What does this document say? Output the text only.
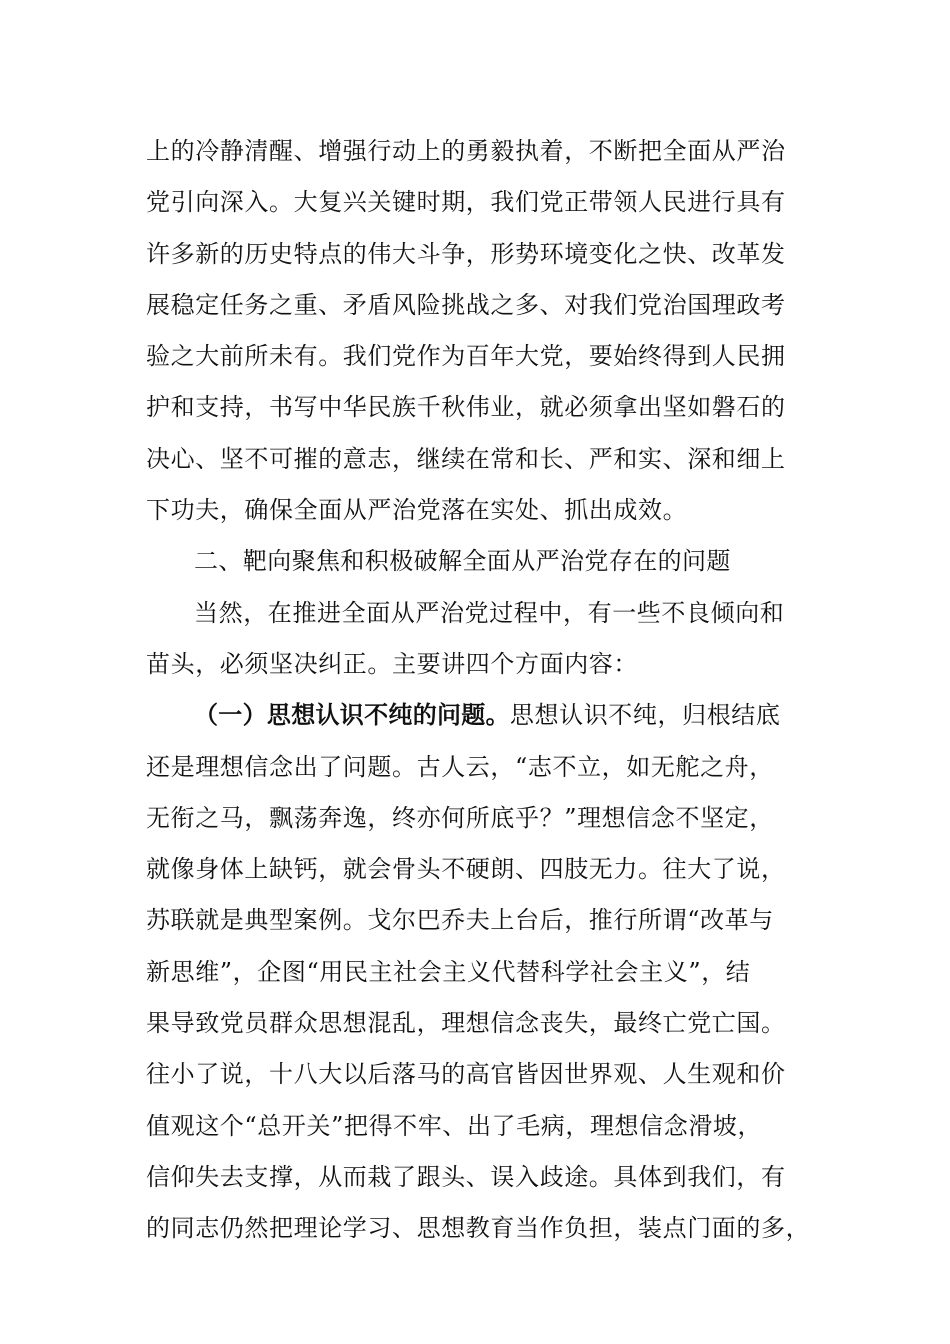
上的冷静清醒、增强行动上的勇毅执着，不断把全面从严治
党引向深入。大复兴关键时期，我们党正带领人民进行具有
许多新的历史特点的伟大斗争，形势环境变化之快、改革发
展稳定任务之重、矛盾风险挑战之多、对我们党治国理政考
验之大前所未有。我们党作为百年大党，要始终得到人民拥
护和支持，书写中华民族千秋伟业，就必须拿出坚如磐石的
决心、坚不可摧的意志，继续在常和长、严和实、深和细上
下功夫，确保全面从严治党落在实处、抓出成效。
二、靶向聚焦和积极破解全面从严治党存在的问题
当然，在推进全面从严治党过程中，有一些不良倾向和
苗头，必须坚决纠正。主要讲四个方面内容：
（一）思想认识不纯的问题。思想认识不纯，归根结底
还是理想信念出了问题。古人云，“志不立，如无舵之舟，
无衔之马，飘荡奔逸，终亦何所底乎？”理想信念不坚定，
就像身体上缺钙，就会骨头不硬朗、四肢无力。往大了说，
苏联就是典型案例。戈尔巴乔夫上台后，推行所谓“改革与
新思维”，企图“用民主社会主义代替科学社会主义”，结
果导致党员群众思想混乱，理想信念丧失，最终亡党亡国。
往小了说，十八大以后落马的高官皆因世界观、人生观和价
值观这个“总开关”把得不牢、出了毛病，理想信念滑坡，
信仰失去支撑，从而栽了跟头、误入歧途。具体到我们，有
的同志仍然把理论学习、思想教育当作负担，装点门面的多，
